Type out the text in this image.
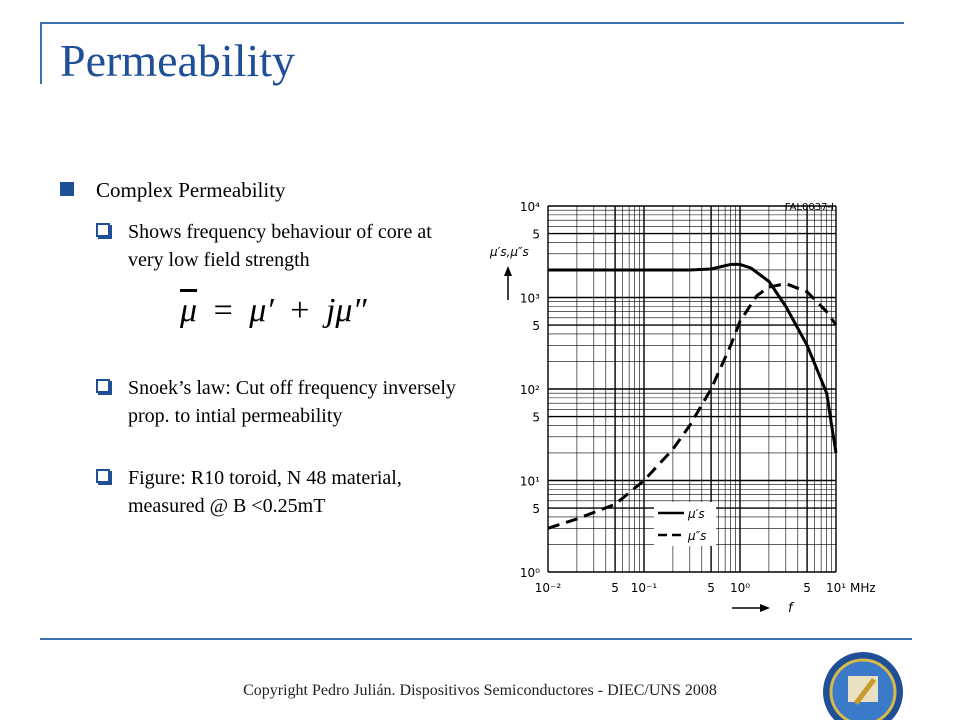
Permeability
Complex Permeability
Shows frequency behaviour of core at very low field strength
Snoek’s law: Cut off frequency inversely prop. to intial permeability
Figure: R10 toroid, N 48 material, measured @ B <0.25mT
$\overline{\mu} = \mu' + j\mu''$
10⁴
5
10³
5
10²
5
10¹
5
10⁰
10⁻²	5 10⁻¹	5 10⁰	5 10¹ MHz
FAL0037-I
μ′s,μ″s
f
μ′s
μ″s
Copyright Pedro Julián. Dispositivos Semiconductores - DIEC/UNS 2008
